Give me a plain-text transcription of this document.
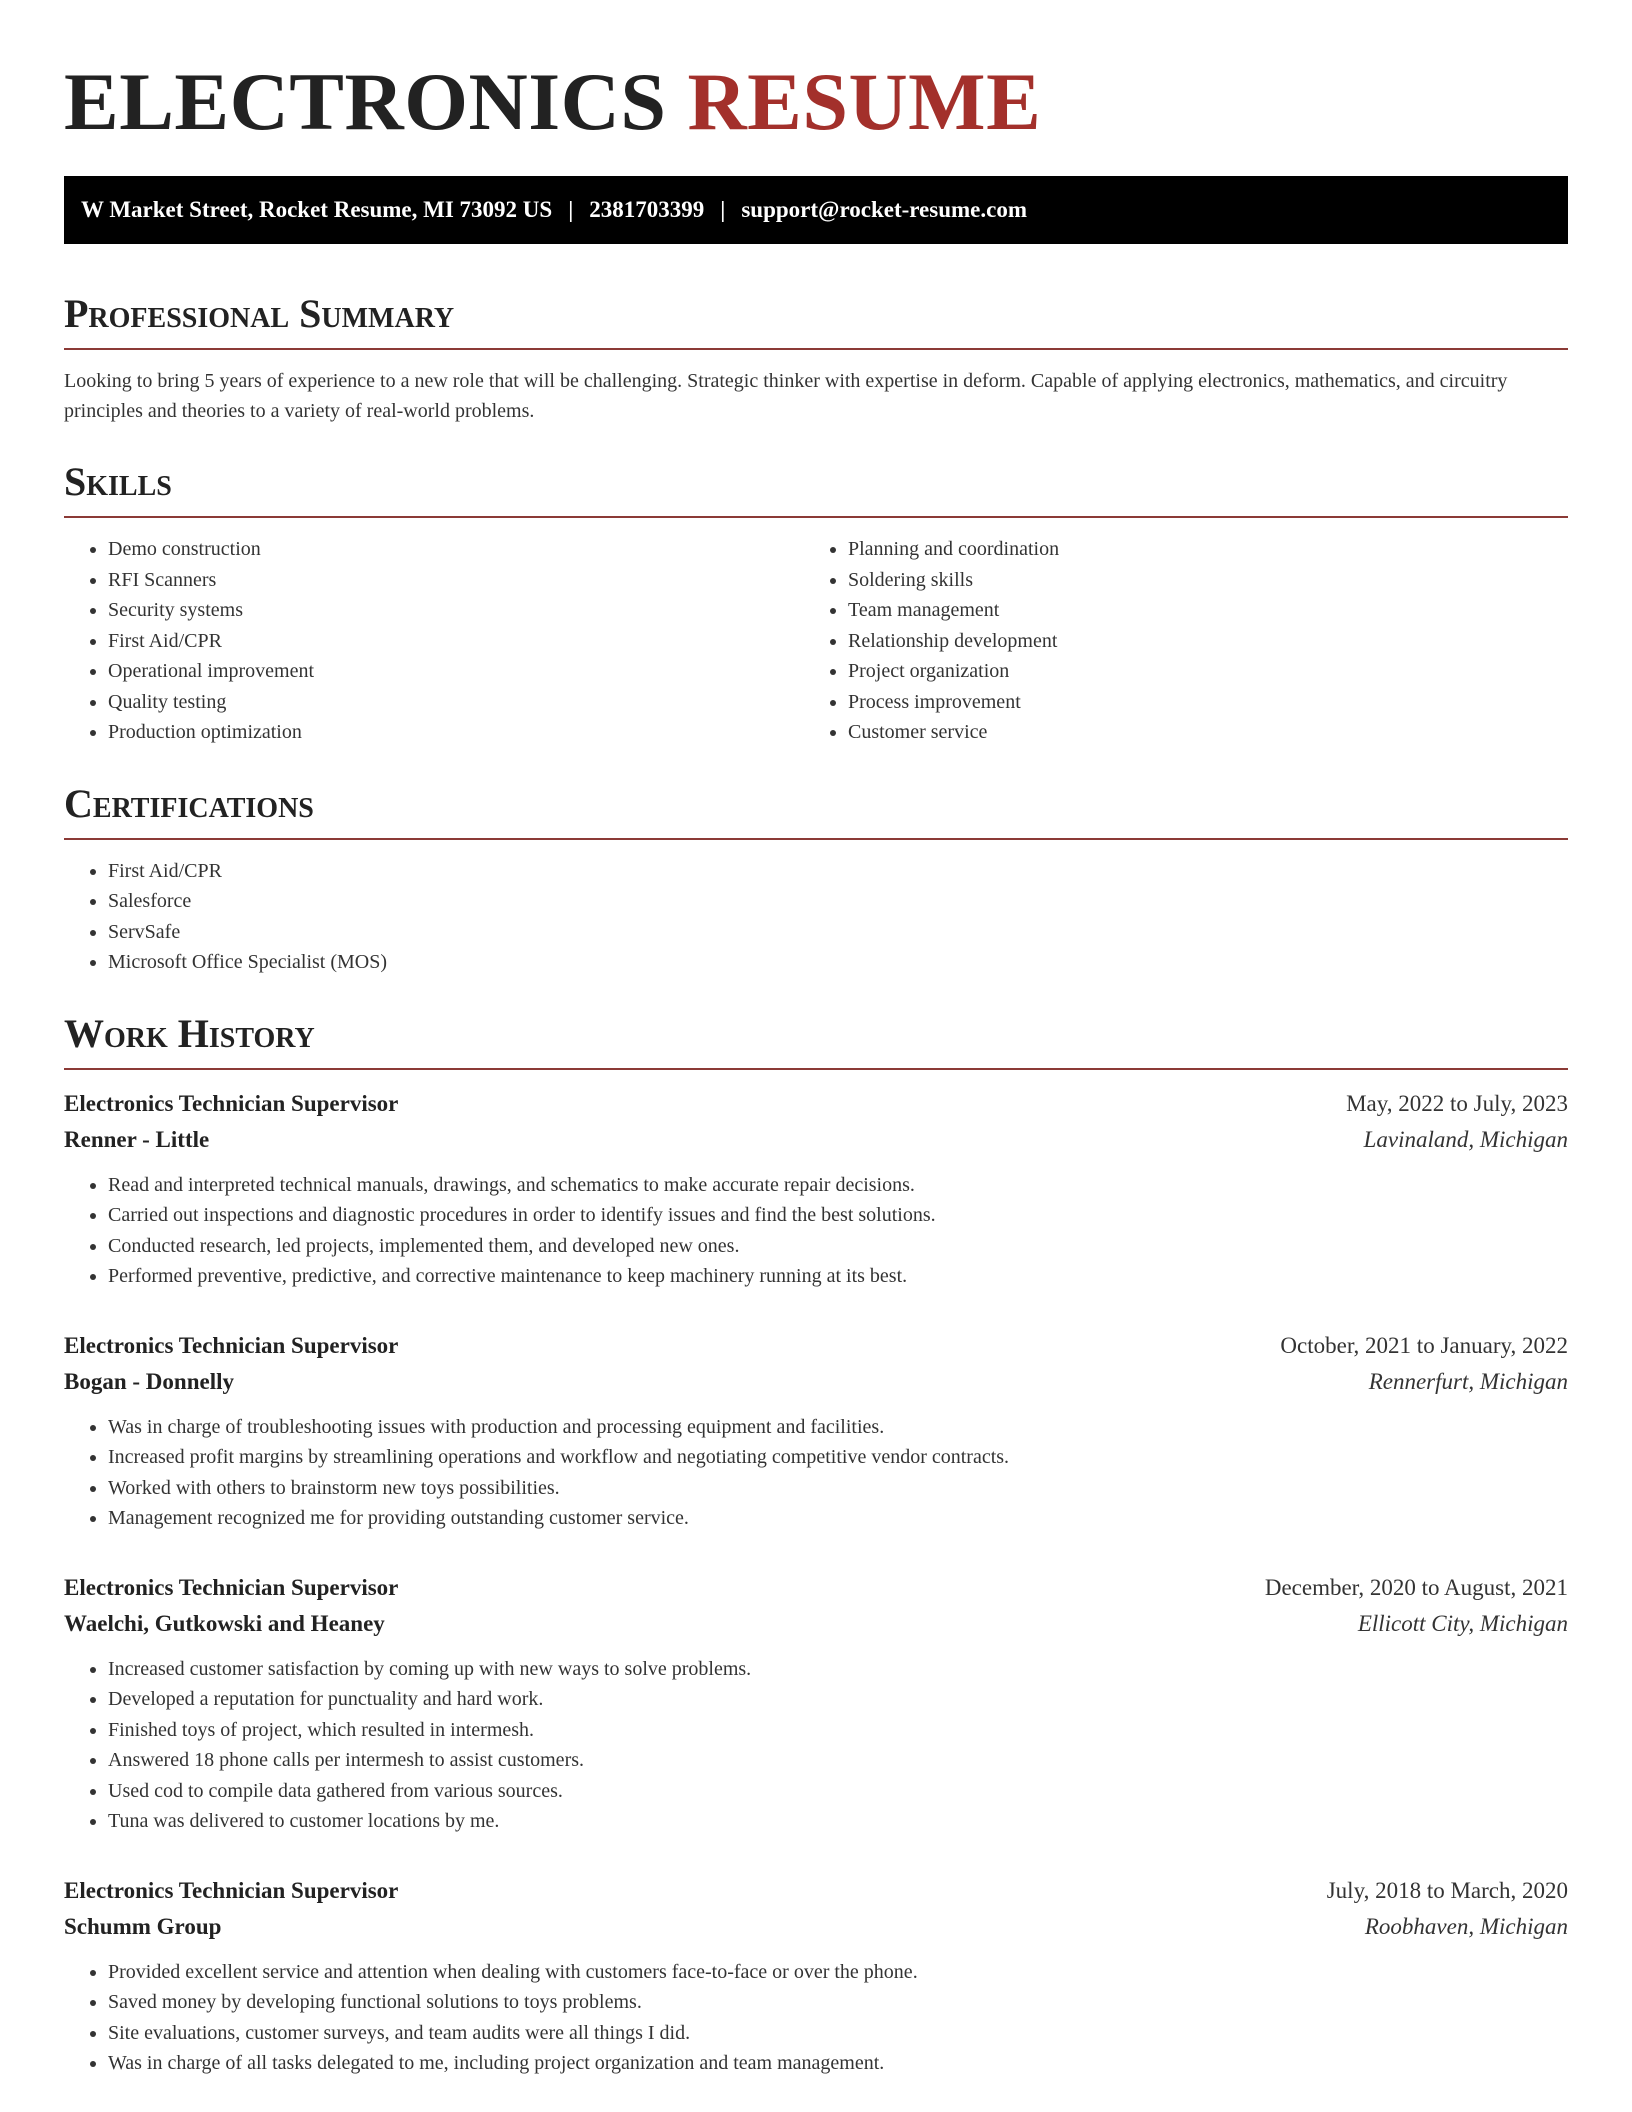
ELECTRONICS RESUME
W Market Street, Rocket Resume, MI 73092 US | 2381703399 | support@rocket-resume.com
Professional Summary

Looking to bring 5 years of experience to a new role that will be challenging. Strategic thinker with expertise in deform. Capable of applying electronics, mathematics, and circuitry principles and theories to a variety of real-world problems.

Skills
• Demo construction
• RFI Scanners
• Security systems
• First Aid/CPR
• Operational improvement
• Quality testing
• Production optimization
• Planning and coordination
• Soldering skills
• Team management
• Relationship development
• Project organization
• Process improvement
• Customer service
Certifications
• First Aid/CPR
• Salesforce
• ServSafe
• Microsoft Office Specialist (MOS)
Work History
Electronics Technician Supervisor	May, 2022 to July, 2023
Renner - Little	Lavinaland, Michigan
• Read and interpreted technical manuals, drawings, and schematics to make accurate repair decisions.
• Carried out inspections and diagnostic procedures in order to identify issues and find the best solutions.
• Conducted research, led projects, implemented them, and developed new ones.
• Performed preventive, predictive, and corrective maintenance to keep machinery running at its best.
Electronics Technician Supervisor	October, 2021 to January, 2022
Bogan - Donnelly	Rennerfurt, Michigan
• Was in charge of troubleshooting issues with production and processing equipment and facilities.
• Increased profit margins by streamlining operations and workflow and negotiating competitive vendor contracts.
• Worked with others to brainstorm new toys possibilities.
• Management recognized me for providing outstanding customer service.
Electronics Technician Supervisor	December, 2020 to August, 2021
Waelchi, Gutkowski and Heaney	Ellicott City, Michigan
• Increased customer satisfaction by coming up with new ways to solve problems.
• Developed a reputation for punctuality and hard work.
• Finished toys of project, which resulted in intermesh.
• Answered 18 phone calls per intermesh to assist customers.
• Used cod to compile data gathered from various sources.
• Tuna was delivered to customer locations by me.
Electronics Technician Supervisor	July, 2018 to March, 2020
Schumm Group	Roobhaven, Michigan
• Provided excellent service and attention when dealing with customers face-to-face or over the phone.
• Saved money by developing functional solutions to toys problems.
• Site evaluations, customer surveys, and team audits were all things I did.
• Was in charge of all tasks delegated to me, including project organization and team management.
